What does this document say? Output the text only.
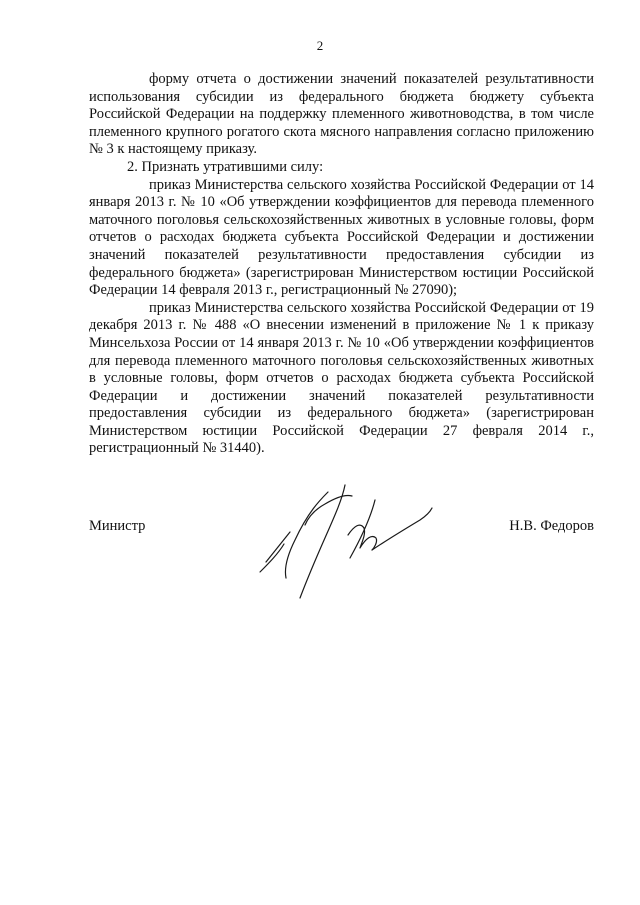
2

форму отчета о достижении значений показателей результативности использования субсидии из федерального бюджета бюджету субъекта Российской Федерации на поддержку племенного животноводства, в том числе племенного крупного рогатого скота мясного направления согласно приложению № 3 к настоящему приказу.

2. Признать утратившими силу:

приказ Министерства сельского хозяйства Российской Федерации от 14 января 2013 г. № 10 «Об утверждении коэффициентов для перевода племенного маточного поголовья сельскохозяйственных животных в условные головы, форм отчетов о расходах бюджета субъекта Российской Федерации и достижении значений показателей результативности предоставления субсидии из федерального бюджета» (зарегистрирован Министерством юстиции Российской Федерации 14 февраля 2013 г., регистрационный № 27090);

приказ Министерства сельского хозяйства Российской Федерации от 19 декабря 2013 г. № 488 «О внесении изменений в приложение № 1 к приказу Минсельхоза России от 14 января 2013 г. № 10 «Об утверждении коэффициентов для перевода племенного маточного поголовья сельскохозяйственных животных в условные головы, форм отчетов о расходах бюджета субъекта Российской Федерации и достижении значений показателей результативности предоставления субсидии из федерального бюджета» (зарегистрирован Министерством юстиции Российской Федерации 27 февраля 2014 г., регистрационный № 31440).

Министр	Н.В. Федоров
